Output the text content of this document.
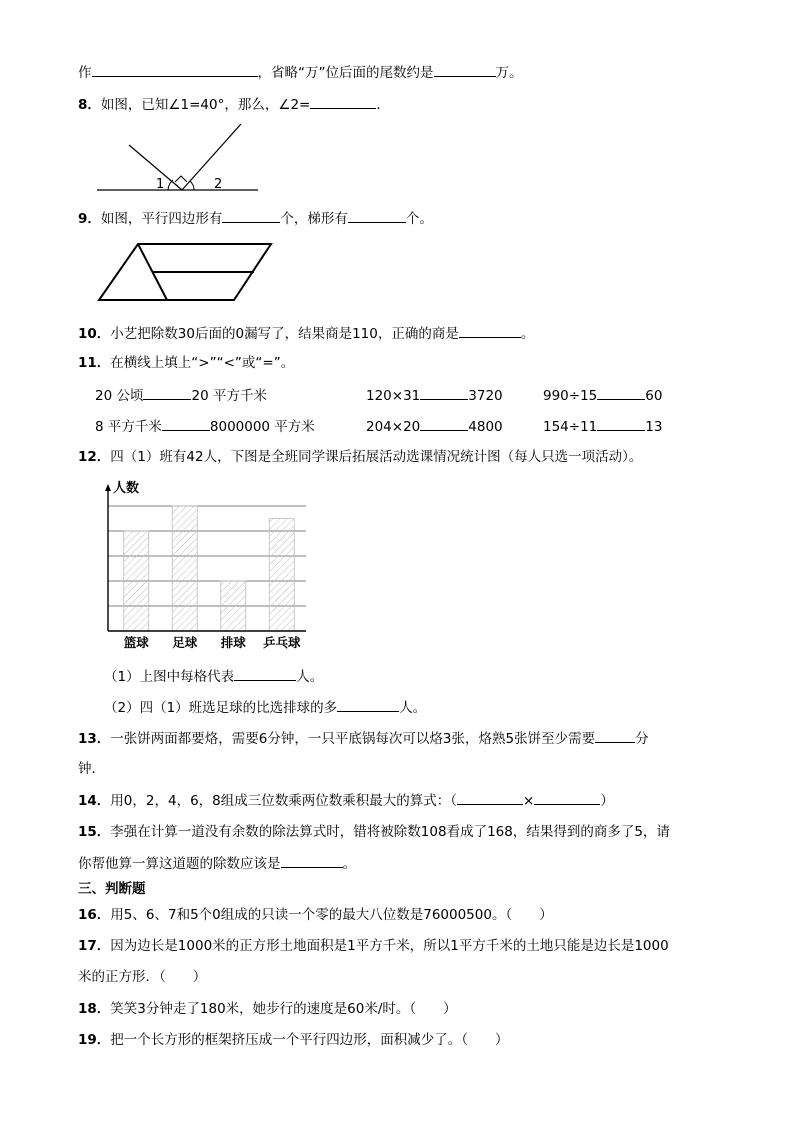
作	，省略“万”位后面的尾数约是	万。
8．如图，已知∠1=40°，那么，∠2=	．
1	2
9．如图，平行四边形有	个，梯形有	个。
10．小艺把除数30后面的0漏写了，结果商是110，正确的商是	。
11．在横线上填上“>”“<”或“=”。
20 公顷	20 平方千米	120×31	3720	990÷15	60
8 平方千米	8000000 平方米	204×20	4800	154÷11	13
12．四（1）班有42人，下图是全班同学课后拓展活动选课情况统计图（每人只选一项活动）。
篮球 足球 排球 乒乓球
人数
（1）上图中每格代表	人。
（2）四（1）班选足球的比选排球的多	人。
13．一张饼两面都要烙，需要6分钟，一只平底锅每次可以烙3张，烙熟5张饼至少需要	分
钟．
14．用0，2，4，6，8组成三位数乘两位数乘积最大的算式：（	×	）
15．李强在计算一道没有余数的除法算式时，错将被除数108看成了168，结果得到的商多了5，请
你帮他算一算这道题的除数应该是	。
三、判断题
16．用5、6、7和5个0组成的只读一个零的最大八位数是76000500。（　　）
17．因为边长是1000米的正方形土地面积是1平方千米，所以1平方千米的土地只能是边长是1000
米的正方形．（　　）
18．笑笑3分钟走了180米，她步行的速度是60米/时。（　　）
19．把一个长方形的框架挤压成一个平行四边形，面积减少了。（　　）
